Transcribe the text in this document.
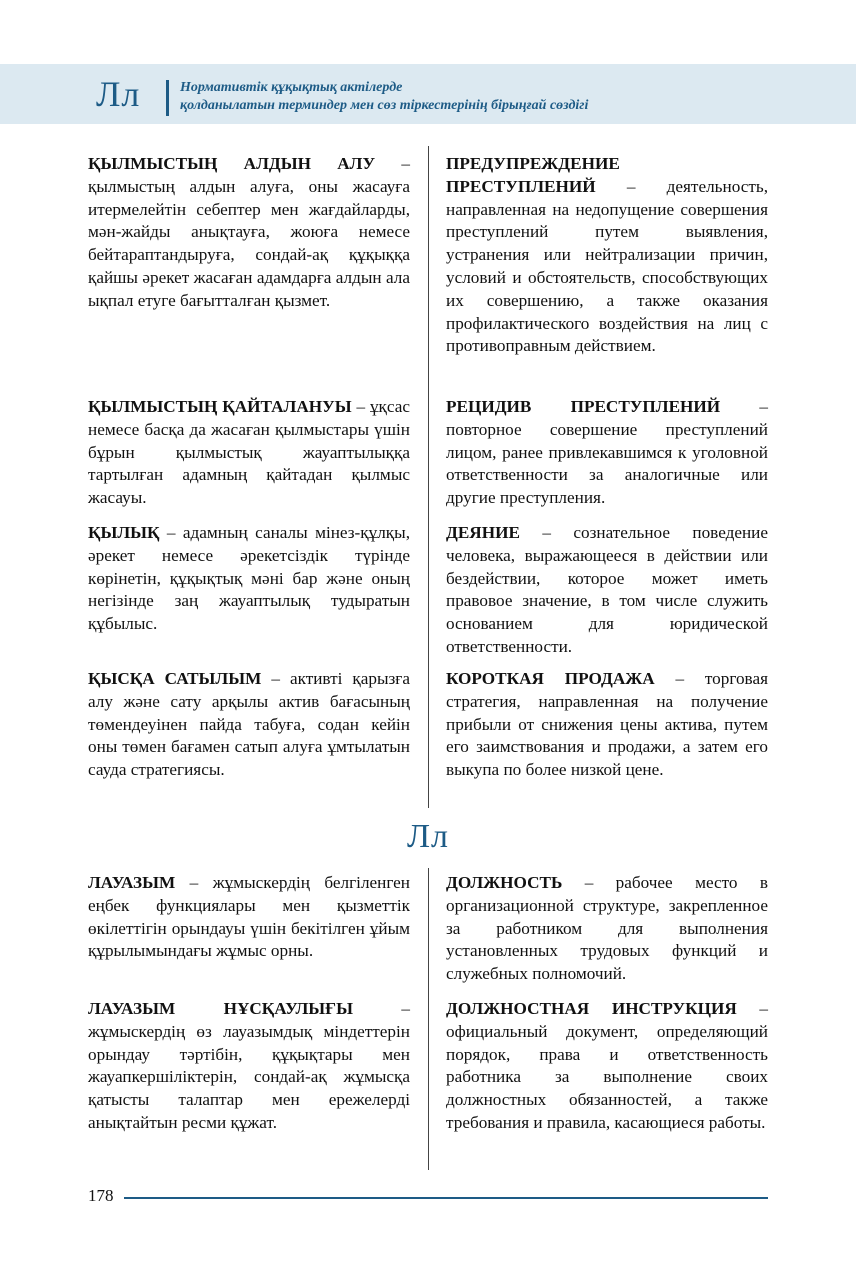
Лл	Нормативтік құқықтық актілерде
қолданылатын терминдер мен сөз тіркестерінің бірыңғай сөздігі
ҚЫЛМЫСТЫҢ АЛДЫН АЛУ – қылмыстың алдын алуға, оны жасауға итермелейтін себептер мен жағдайларды, мән-жайды анықтауға, жоюға немесе бейтараптандыруға, сондай-ақ құқыққа қайшы әрекет жасаған адамдарға алдын ала ықпал етуге бағытталған қызмет.
ПРЕДУПРЕЖДЕНИЕ ПРЕСТУПЛЕНИЙ – деятельность, направленная на недопущение совершения преступлений путем выявления, устранения или нейтрализации причин, условий и обстоятельств, способствующих их совершению, а также оказания профилактического воздействия на лиц с противоправным действием.
ҚЫЛМЫСТЫҢ ҚАЙТАЛАНУЫ – ұқсас немесе басқа да жасаған қылмыстары үшін бұрын қылмыстық жауаптылыққа тартылған адамның қайтадан қылмыс жасауы.
РЕЦИДИВ ПРЕСТУПЛЕНИЙ – повторное совершение преступлений лицом, ранее привлекавшимся к уголовной ответственности за аналогичные или другие преступления.
ҚЫЛЫҚ – адамның саналы мінез-құлқы, әрекет немесе әрекетсіздік түрінде көрінетін, құқықтық мәні бар және оның негізінде заң жауаптылық тудыратын құбылыс.
ДЕЯНИЕ – сознательное поведение человека, выражающееся в действии или бездействии, которое может иметь правовое значение, в том числе служить основанием для юридической ответственности.
ҚЫСҚА САТЫЛЫМ – активті қарызға алу және сату арқылы актив бағасының төмендеуінен пайда табуға, содан кейін оны төмен бағамен сатып алуға ұмтылатын сауда стратегиясы.
КОРОТКАЯ ПРОДАЖА – торговая стратегия, направленная на получение прибыли от снижения цены актива, путем его заимствования и продажи, а затем его выкупа по более низкой цене.
Лл
ЛАУАЗЫМ – жұмыскердің белгіленген еңбек функциялары мен қызметтік өкілеттігін орындауы үшін бекітілген ұйым құрылымындағы жұмыс орны.
ДОЛЖНОСТЬ – рабочее место в организационной структуре, закрепленное за работником для выполнения установленных трудовых функций и служебных полномочий.
ЛАУАЗЫМ НҰСҚАУЛЫҒЫ – жұмыскердің өз лауазымдық міндеттерін орындау тәртібін, құқықтары мен жауапкершіліктерін, сондай-ақ жұмысқа қатысты талаптар мен ережелерді анықтайтын ресми құжат.
ДОЛЖНОСТНАЯ ИНСТРУКЦИЯ – официальный документ, определяющий порядок, права и ответственность работника за выполнение своих должностных обязанностей, а также требования и правила, касающиеся работы.
178
